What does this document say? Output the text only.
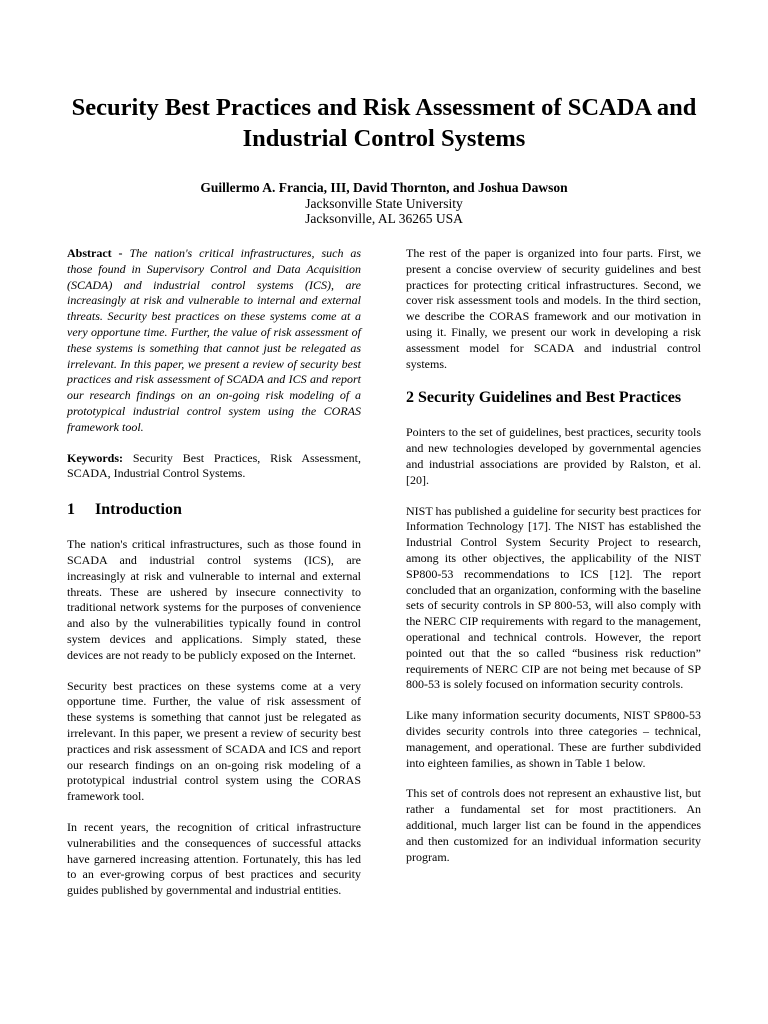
Security Best Practices and Risk Assessment of SCADA and Industrial Control Systems
Guillermo A. Francia, III, David Thornton, and Joshua Dawson
Jacksonville State University
Jacksonville, AL 36265 USA

Abstract - The nation's critical infrastructures, such as those found in Supervisory Control and Data Acquisition (SCADA) and industrial control systems (ICS), are increasingly at risk and vulnerable to internal and external threats. Security best practices on these systems come at a very opportune time. Further, the value of risk assessment of these systems is something that cannot just be relegated as irrelevant. In this paper, we present a review of security best practices and risk assessment of SCADA and ICS and report our research findings on an on-going risk modeling of a prototypical industrial control system using the CORAS framework tool.

Keywords: Security Best Practices, Risk Assessment, SCADA, Industrial Control Systems.

1 Introduction

The nation's critical infrastructures, such as those found in SCADA and industrial control systems (ICS), are increasingly at risk and vulnerable to internal and external threats. These are ushered by insecure connectivity to traditional network systems for the purposes of convenience and also by the vulnerabilities typically found in control system devices and applications. Simply stated, these devices are not ready to be publicly exposed on the Internet.

Security best practices on these systems come at a very opportune time. Further, the value of risk assessment of these systems is something that cannot just be relegated as irrelevant. In this paper, we present a review of security best practices and risk assessment of SCADA and ICS and report our research findings on an on-going risk modeling of a prototypical industrial control system using the CORAS framework tool.

In recent years, the recognition of critical infrastructure vulnerabilities and the consequences of successful attacks have garnered increasing attention. Fortunately, this has led to an ever-growing corpus of best practices and security guides published by governmental and industrial entities.

The rest of the paper is organized into four parts. First, we present a concise overview of security guidelines and best practices for protecting critical infrastructures. Second, we cover risk assessment tools and models. In the third section, we describe the CORAS framework and our motivation in using it. Finally, we present our work in developing a risk assessment model for SCADA and industrial control systems.

2 Security Guidelines and Best Practices

Pointers to the set of guidelines, best practices, security tools and new technologies developed by governmental agencies and industrial associations are provided by Ralston, et al. [20].

NIST has published a guideline for security best practices for Information Technology [17]. The NIST has established the Industrial Control System Security Project to research, among its other objectives, the applicability of the NIST SP800-53 recommendations to ICS [12]. The report concluded that an organization, conforming with the baseline sets of security controls in SP 800-53, will also comply with the NERC CIP requirements with regard to the management, operational and technical controls. However, the report pointed out that the so called “business risk reduction” requirements of NERC CIP are not being met because of SP 800-53 is solely focused on information security controls.

Like many information security documents, NIST SP800-53 divides security controls into three categories – technical, management, and operational. These are further subdivided into eighteen families, as shown in Table 1 below.

This set of controls does not represent an exhaustive list, but rather a fundamental set for most practitioners. An additional, much larger list can be found in the appendices and then customized for an individual information security program.
